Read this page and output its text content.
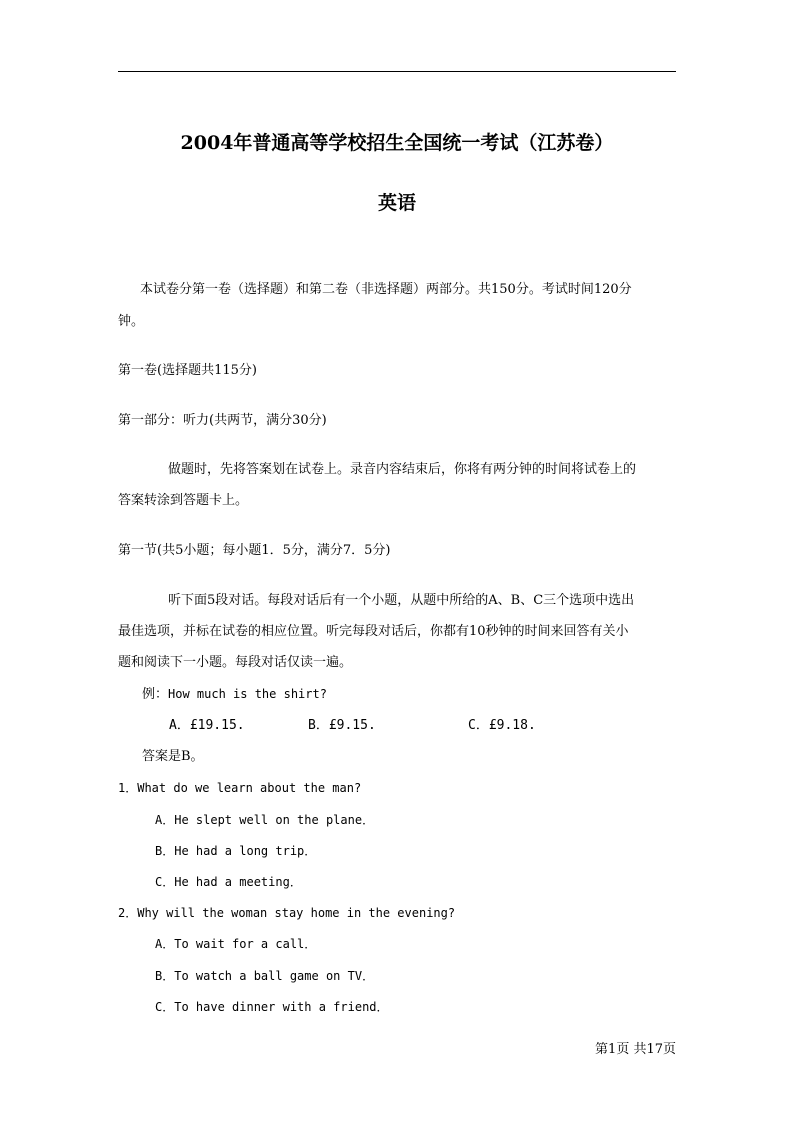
2004年普通高等学校招生全国统一考试（江苏卷）
英语
本试卷分第一卷（选择题）和第二卷（非选择题）两部分。共150分。考试时间120分
钟。
第一卷(选择题共115分)
第一部分：听力(共两节，满分30分)
做题时，先将答案划在试卷上。录音内容结束后，你将有两分钟的时间将试卷上的
答案转涂到答题卡上。
第一节(共5小题；每小题1．5分，满分7．5分)
听下面5段对话。每段对话后有一个小题，从题中所给的A、B、C三个选项中选出
最佳选项，并标在试卷的相应位置。听完每段对话后，你都有10秒钟的时间来回答有关小
题和阅读下一小题。每段对话仅读一遍。
例：How much is the shirt?
A．£19.15.	B．£9.15.	C．£9.18.
答案是B。
1．What do we learn about the man?
A．He slept well on the plane．
B．He had a long trip．
C．He had a meeting．
2．Why will the woman stay home in the evening?
A．To wait for a call．
B．To watch a ball game on TV．
C．To have dinner with a friend．
第1页 共17页
